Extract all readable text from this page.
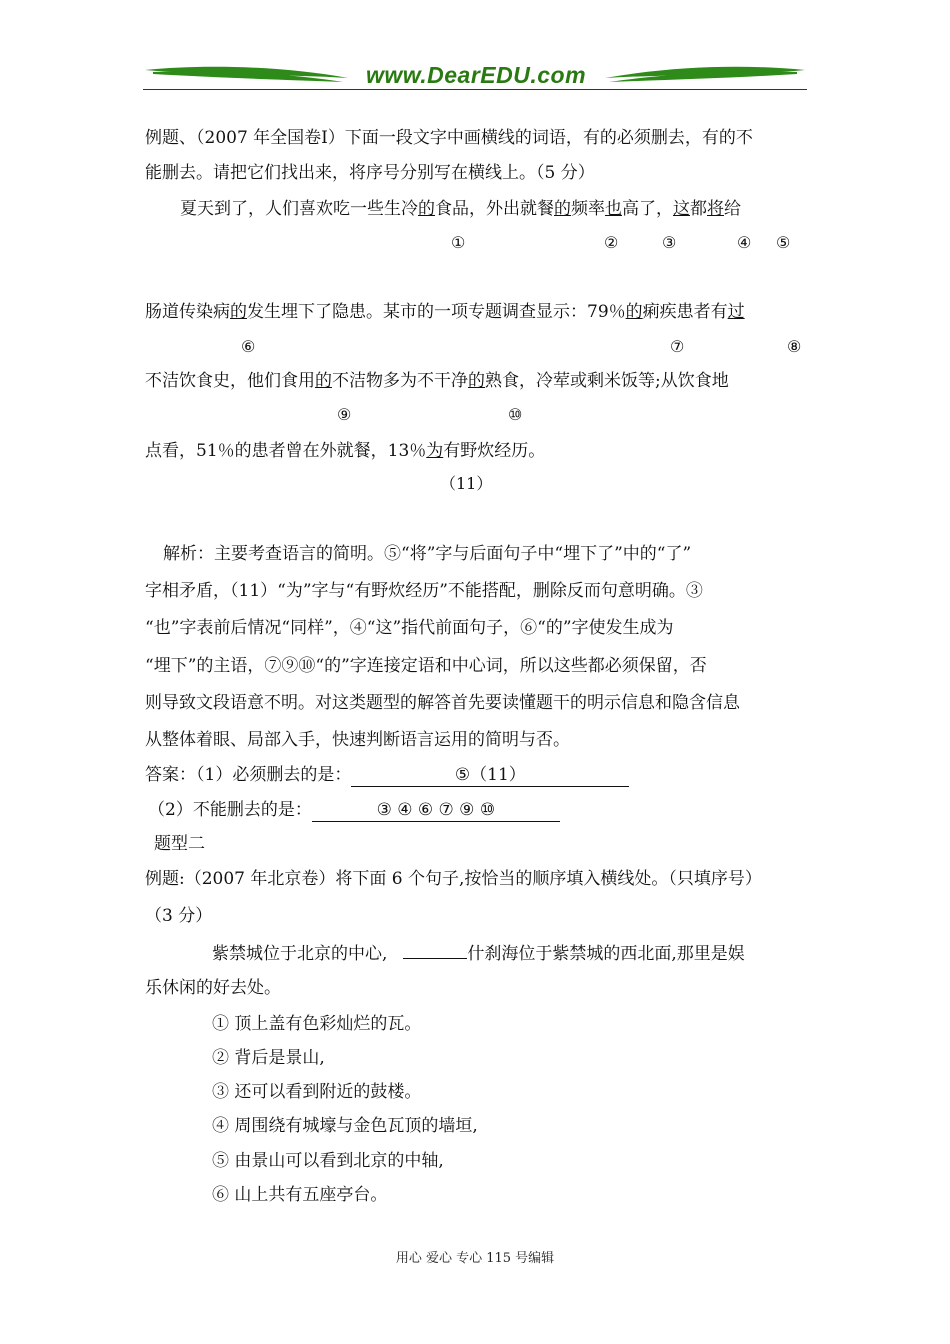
www.DearEDU.com
例题、（2007 年全国卷Ⅰ）下面一段文字中画横线的词语，有的必须删去，有的不
能删去。请把它们找出来，将序号分别写在横线上。（5 分）
夏天到了，人们喜欢吃一些生冷的食品，外出就餐的频率也高了，这都将给
①	②	③	④ ⑤
肠道传染病的发生埋下了隐患。某市的一项专题调查显示：79％的痢疾患者有过
⑥	⑦	⑧
不洁饮食史，他们食用的不洁物多为不干净的熟食，冷荤或剩米饭等;从饮食地
⑨	⑩
点看，51％的患者曾在外就餐，13％为有野炊经历。
（11）
解析：主要考查语言的简明。⑤“将”字与后面句子中“埋下了”中的“了”
字相矛盾，（11）“为”字与“有野炊经历”不能搭配，删除反而句意明确。③
“也”字表前后情况“同样”，④“这”指代前面句子，⑥“的”字使发生成为
“埋下”的主语，⑦⑨⑩“的”字连接定语和中心词，所以这些都必须保留，否
则导致文段语意不明。对这类题型的解答首先要读懂题干的明示信息和隐含信息
从整体着眼、局部入手，快速判断语言运用的简明与否。
答案：（1）必须删去的是：	⑤（11）
（2）不能删去的是：	③ ④ ⑥ ⑦ ⑨ ⑩
题型二
例题:（2007 年北京卷）将下面 6 个句子,按恰当的顺序填入横线处。（只填序号）
（3 分）
紫禁城位于北京的中心,	什刹海位于紫禁城的西北面,那里是娱
乐休闲的好去处。
① 顶上盖有色彩灿烂的瓦。
② 背后是景山,
③ 还可以看到附近的鼓楼。
④ 周围绕有城壕与金色瓦顶的墙垣,
⑤ 由景山可以看到北京的中轴,
⑥ 山上共有五座亭台。
用心 爱心 专心 115 号编辑
